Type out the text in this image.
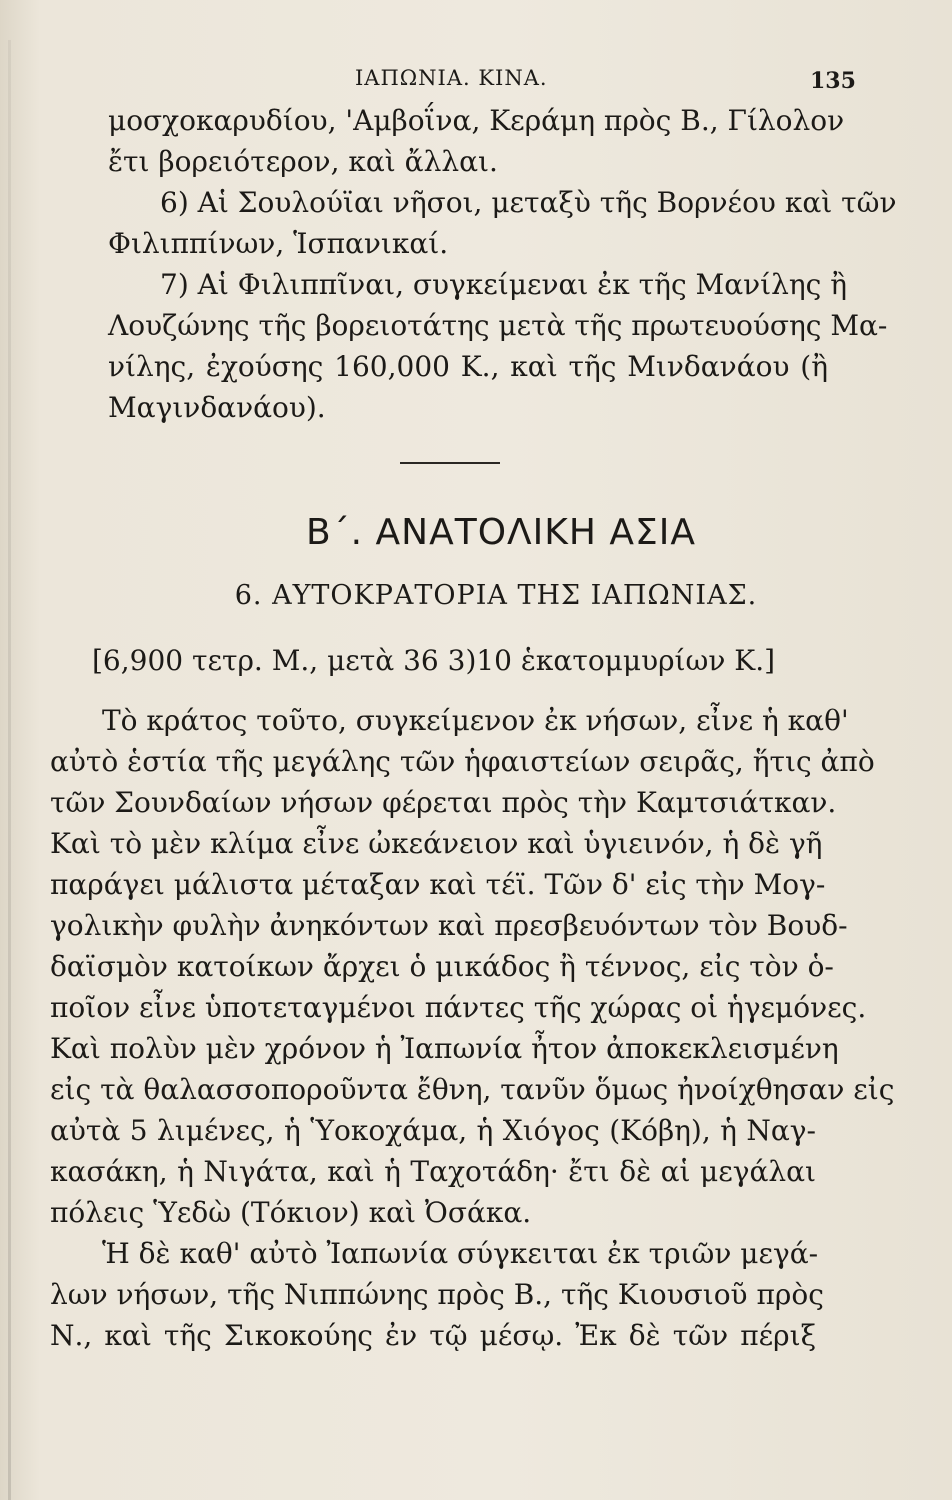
ΙΑΠΩΝΙΑ. ΚΙΝΑ.	135
μοσχοκαρυδίου, 'Αμβοΐνα, Κεράμη πρὸς Β., Γίλολον
ἔτι βορειότερον, καὶ ἄλλαι.
6) Αἱ Σουλούϊαι νῆσοι, μεταξὺ τῆς Βορνέου καὶ τῶν
Φιλιππίνων, Ἱσπανικαί.
7) Αἱ Φιλιππῖναι, συγκείμεναι ἐκ τῆς Μανίλης ἢ
Λουζώνης τῆς βορειοτάτης μετὰ τῆς πρωτευούσης Μα-
νίλης, ἐχούσης 160,000 Κ., καὶ τῆς Μινδανάου (ἢ
Μαγινδανάου).
Β΄. ΑΝΑΤΟΛΙΚΗ ΑΣΙΑ
6. ΑΥΤΟΚΡΑΤΟΡΙΑ ΤΗΣ ΙΑΠΩΝΙΑΣ.
[6,900 τετρ. Μ., μετὰ 36 3)10 ἑκατομμυρίων Κ.]
Τὸ κράτος τοῦτο, συγκείμενον ἐκ νήσων, εἶνε ἡ καθ'
αὐτὸ ἑστία τῆς μεγάλης τῶν ἡφαιστείων σειρᾶς, ἥτις ἀπὸ
τῶν Σουνδαίων νήσων φέρεται πρὸς τὴν Καμτσιάτκαν.
Καὶ τὸ μὲν κλίμα εἶνε ὠκεάνειον καὶ ὑγιεινόν, ἡ δὲ γῆ
παράγει μάλιστα μέταξαν καὶ τέϊ. Τῶν δ' εἰς τὴν Μογ-
γολικὴν φυλὴν ἀνηκόντων καὶ πρεσβευόντων τὸν Βουδ-
δαϊσμὸν κατοίκων ἄρχει ὁ μικάδος ἢ τέννος, εἰς τὸν ὁ-
ποῖον εἶνε ὑποτεταγμένοι πάντες τῆς χώρας οἱ ἡγεμόνες.
Καὶ πολὺν μὲν χρόνον ἡ Ἰαπωνία ἦτον ἀποκεκλεισμένη
εἰς τὰ θαλασσοποροῦντα ἔθνη, τανῦν ὅμως ἠνοίχθησαν εἰς
αὐτὰ 5 λιμένες, ἡ Ὑοκοχάμα, ἡ Χιόγος (Κόβη), ἡ Ναγ-
κασάκη, ἡ Νιγάτα, καὶ ἡ Ταχοτάδη· ἔτι δὲ αἱ μεγάλαι
πόλεις Ὑεδὼ (Τόκιον) καὶ Ὀσάκα.
Ἡ δὲ καθ' αὐτὸ Ἰαπωνία σύγκειται ἐκ τριῶν μεγά-
λων νήσων, τῆς Νιππώνης πρὸς Β., τῆς Κιουσιοῦ πρὸς
Ν., καὶ τῆς Σικοκούης ἐν τῷ μέσῳ. Ἐκ δὲ τῶν πέριξ
